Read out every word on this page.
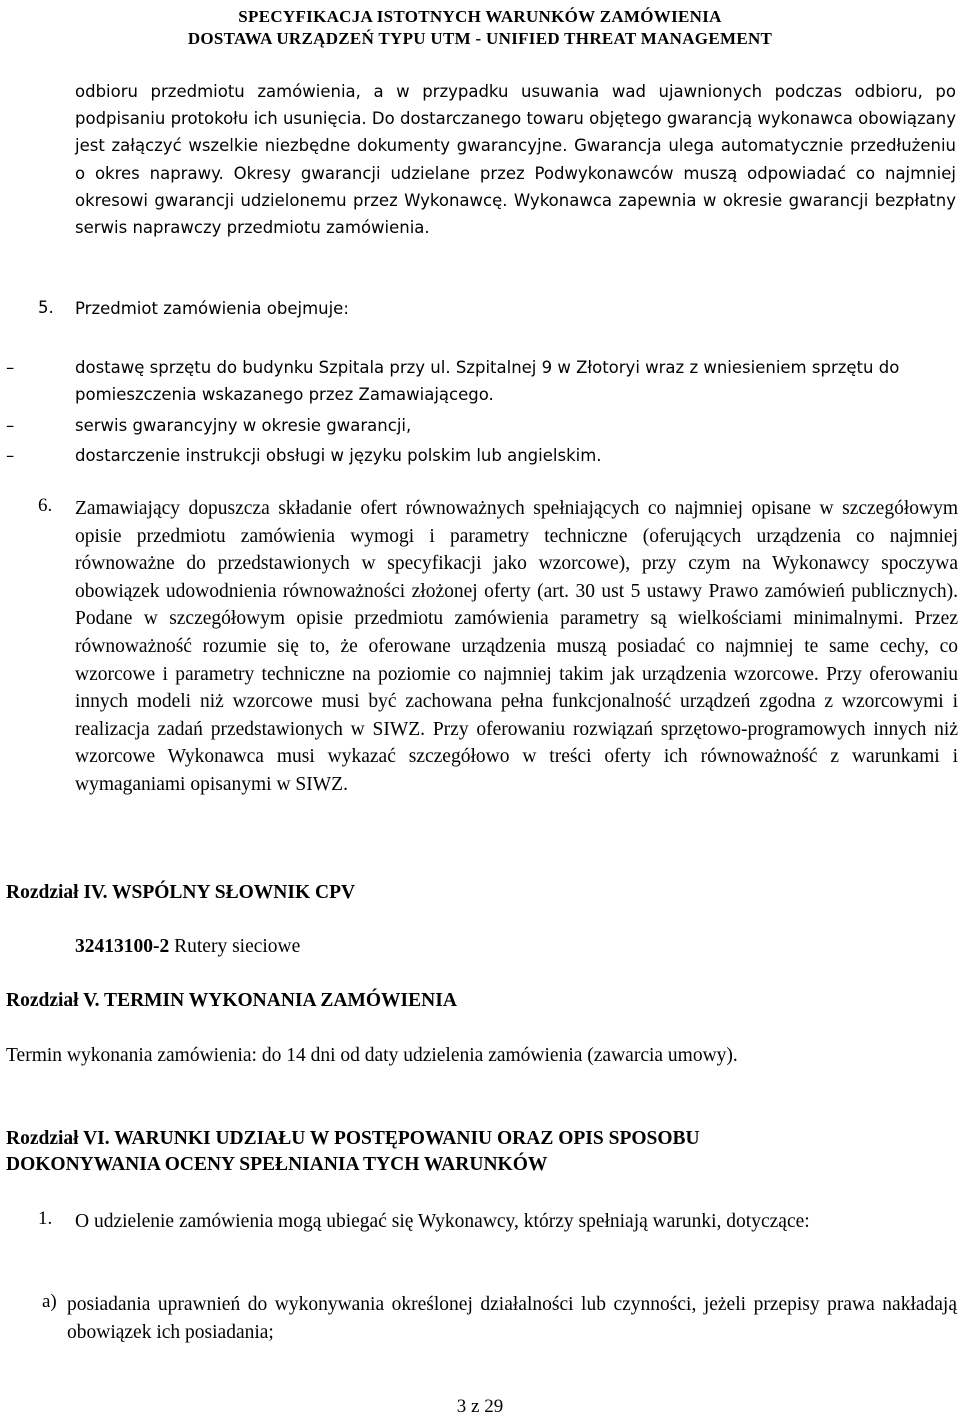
SPECYFIKACJA ISTOTNYCH WARUNKÓW ZAMÓWIENIA
DOSTAWA URZĄDZEŃ TYPU UTM - UNIFIED THREAT MANAGEMENT
odbioru przedmiotu zamówienia, a w przypadku usuwania wad ujawnionych podczas odbioru, po podpisaniu protokołu ich usunięcia. Do dostarczanego towaru objętego gwarancją wykonawca obowiązany jest załączyć wszelkie niezbędne dokumenty gwarancyjne. Gwarancja ulega automatycznie przedłużeniu o okres naprawy. Okresy gwarancji udzielane przez Podwykonawców muszą odpowiadać co najmniej okresowi gwarancji udzielonemu przez Wykonawcę. Wykonawca zapewnia w okresie gwarancji bezpłatny serwis naprawczy przedmiotu zamówienia.
5. Przedmiot zamówienia obejmuje:
–	dostawę sprzętu do budynku Szpitala przy ul. Szpitalnej 9 w Złotoryi wraz z wniesieniem sprzętu do pomieszczenia wskazanego przez Zamawiającego.
–	serwis gwarancyjny w okresie gwarancji,
–	dostarczenie instrukcji obsługi w języku polskim lub angielskim.
6. Zamawiający dopuszcza składanie ofert równoważnych spełniających co najmniej opisane w szczegółowym opisie przedmiotu zamówienia wymogi i parametry techniczne (oferujących urządzenia co najmniej równoważne do przedstawionych w specyfikacji jako wzorcowe), przy czym na Wykonawcy spoczywa obowiązek udowodnienia równoważności złożonej oferty (art. 30 ust 5 ustawy Prawo zamówień publicznych). Podane w szczegółowym opisie przedmiotu zamówienia parametry są wielkościami minimalnymi. Przez równoważność rozumie się to, że oferowane urządzenia muszą posiadać co najmniej te same cechy, co wzorcowe i parametry techniczne na poziomie co najmniej takim jak urządzenia wzorcowe. Przy oferowaniu innych modeli niż wzorcowe musi być zachowana pełna funkcjonalność urządzeń zgodna z wzorcowymi i realizacja zadań przedstawionych w SIWZ. Przy oferowaniu rozwiązań sprzętowo-programowych innych niż wzorcowe Wykonawca musi wykazać szczegółowo w treści oferty ich równoważność z warunkami i wymaganiami opisanymi w SIWZ.
Rozdział IV. WSPÓLNY SŁOWNIK CPV
32413100-2 Rutery sieciowe
Rozdział V. TERMIN WYKONANIA ZAMÓWIENIA
Termin wykonania zamówienia: do 14 dni od daty udzielenia zamówienia (zawarcia umowy).
Rozdział VI. WARUNKI UDZIAŁU W POSTĘPOWANIU ORAZ OPIS SPOSOBU
DOKONYWANIA OCENY SPEŁNIANIA TYCH WARUNKÓW
1. O udzielenie zamówienia mogą ubiegać się Wykonawcy, którzy spełniają warunki, dotyczące:
a) posiadania uprawnień do wykonywania określonej działalności lub czynności, jeżeli przepisy prawa nakładają obowiązek ich posiadania;
3 z 29
